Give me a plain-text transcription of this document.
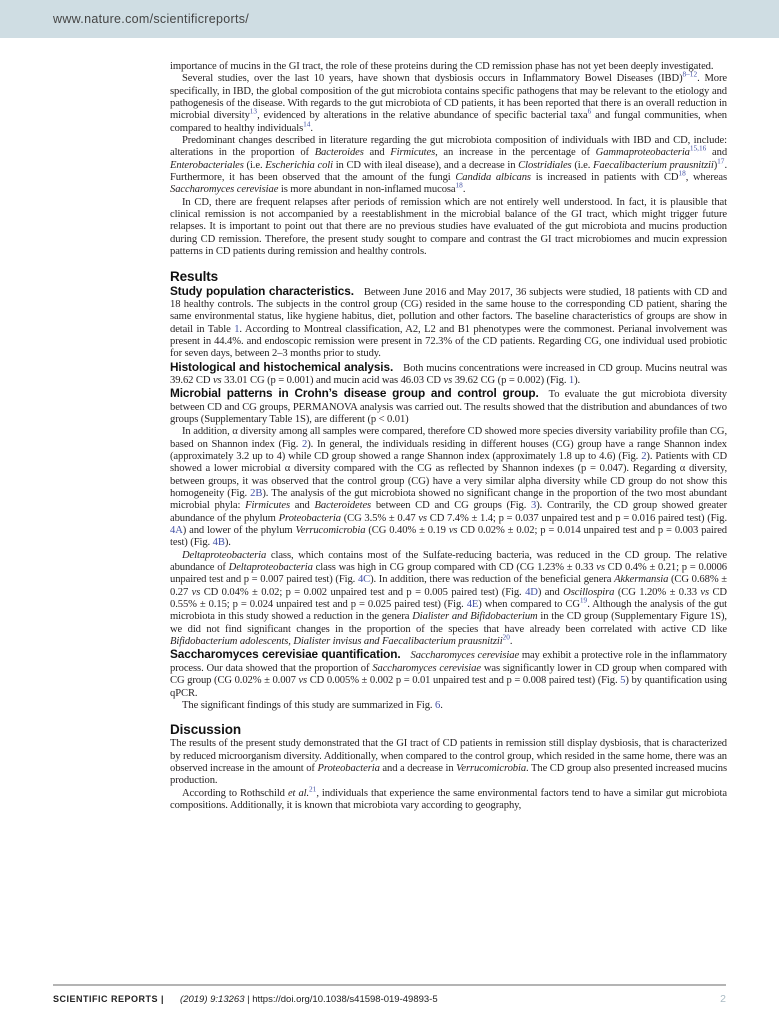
www.nature.com/scientificreports/

importance of mucins in the GI tract, the role of these proteins during the CD remission phase has not yet been deeply investigated.

Several studies, over the last 10 years, have shown that dysbiosis occurs in Inflammatory Bowel Diseases (IBD)$^{8-12}$. More specifically, in IBD, the global composition of the gut microbiota contains specific pathogens that may be relevant to the etiology and pathogenesis of the disease. With regards to the gut microbiota of CD patients, it has been reported that there is an overall reduction in microbial diversity$^{13}$, evidenced by alterations in the relative abundance of specific bacterial taxa$^6$ and fungal communities, when compared to healthy individuals$^{14}$.

Predominant changes described in literature regarding the gut microbiota composition of individuals with IBD and CD, include: alterations in the proportion of Bacteroides and Firmicutes, an increase in the percentage of Gammaproteobacteria$^{15,16}$ and Enterobacteriales (i.e. Escherichia coli in CD with ileal disease), and a decrease in Clostridiales (i.e. Faecalibacterium prausnitzii)$^{17}$. Furthermore, it has been observed that the amount of the fungi Candida albicans is increased in patients with CD$^{18}$, whereas Saccharomyces cerevisiae is more abundant in non-inflamed mucosa$^{18}$.

In CD, there are frequent relapses after periods of remission which are not entirely well understood. In fact, it is plausible that clinical remission is not accompanied by a reestablishment in the microbial balance of the GI tract, which might trigger future relapses. It is important to point out that there are no previous studies have evaluated of the gut microbiota and mucins production during CD remission. Therefore, the present study sought to compare and contrast the GI tract microbiomes and mucin expression patterns in CD patients during remission and healthy controls.

Results

Study population characteristics. Between June 2016 and May 2017, 36 subjects were studied, 18 patients with CD and 18 healthy controls. The subjects in the control group (CG) resided in the same house to the corresponding CD patient, sharing the same environmental status, like hygiene habitus, diet, pollution and other factors. The baseline characteristics of groups are show in detail in Table 1. According to Montreal classification, A2, L2 and B1 phenotypes were the commonest. Perianal involvement was present in 44.4%. and endoscopic remission were present in 72.3% of the CD patients. Regarding CG, one individual used probiotic for seven days, between 2–3 months prior to study.

Histological and histochemical analysis. Both mucins concentrations were increased in CD group. Mucins neutral was 39.62 CD vs 33.01 CG (p = 0.001) and mucin acid was 46.03 CD vs 39.62 CG (p = 0.002) (Fig. 1).

Microbial patterns in Crohn’s disease group and control group. To evaluate the gut microbiota diversity between CD and CG groups, PERMANOVA analysis was carried out. The results showed that the distribution and abundances of two groups (Supplementary Table 1S), are different (p < 0.01)

In addition, α diversity among all samples were compared, therefore CD showed more species diversity variability profile than CG, based on Shannon index (Fig. 2). In general, the individuals residing in different houses (CG) group have a range Shannon index (approximately 3.2 up to 4) while CD group showed a range Shannon index (approximately 1.8 up to 4.6) (Fig. 2). Patients with CD showed a lower microbial α diversity compared with the CG as reflected by Shannon indexes (p = 0.047). Regarding α diversity, between groups, it was observed that the control group (CG) have a very similar alpha diversity while CD group do not show this homogeneity (Fig. 2B). The analysis of the gut microbiota showed no significant change in the proportion of the two most abundant microbial phyla: Firmicutes and Bacteroidetes between CD and CG groups (Fig. 3). Contrarily, the CD group showed greater abundance of the phylum Proteobacteria (CG 3.5% ± 0.47 vs CD 7.4% ± 1.4; p = 0.037 unpaired test and p = 0.016 paired test) (Fig. 4A) and lower of the phylum Verrucomicrobia (CG 0.40% ± 0.19 vs CD 0.02% ± 0.02; p = 0.014 unpaired test and p = 0.003 paired test) (Fig. 4B).

Deltaproteobacteria class, which contains most of the Sulfate-reducing bacteria, was reduced in the CD group. The relative abundance of Deltaproteobacteria class was high in CG group compared with CD (CG 1.23% ± 0.33 vs CD 0.4% ± 0.21; p = 0.0006 unpaired test and p = 0.007 paired test) (Fig. 4C). In addition, there was reduction of the beneficial genera Akkermansia (CG 0.68% ± 0.27 vs CD 0.04% ± 0.02; p = 0.002 unpaired test and p = 0.005 paired test) (Fig. 4D) and Oscillospira (CG 1.20% ± 0.33 vs CD 0.55% ± 0.15; p = 0.024 unpaired test and p = 0.025 paired test) (Fig. 4E) when compared to CG$^{19}$. Although the analysis of the gut microbiota in this study showed a reduction in the genera Dialister and Bifidobacterium in the CD group (Supplementary Figure 1S), we did not find significant changes in the proportion of the species that have already been correlated with active CD like Bifidobacterium adolescents, Dialister invisus and Faecalibacterium prausnitzii$^{20}$.

Saccharomyces cerevisiae quantification. Saccharomyces cerevisiae may exhibit a protective role in the inflammatory process. Our data showed that the proportion of Saccharomyces cerevisiae was significantly lower in CD group when compared with CG group (CG 0.02% ± 0.007 vs CD 0.005% ± 0.002 p = 0.01 unpaired test and p = 0.008 paired test) (Fig. 5) by quantification using qPCR.

The significant findings of this study are summarized in Fig. 6.

Discussion

The results of the present study demonstrated that the GI tract of CD patients in remission still display dysbiosis, that is characterized by reduced microorganism diversity. Additionally, when compared to the control group, which resided in the same home, there was an observed increase in the amount of Proteobacteria and a decrease in Verrucomicrobia. The CD group also presented increased mucins production.

According to Rothschild et al.$^{21}$, individuals that experience the same environmental factors tend to have a similar gut microbiota compositions. Additionally, it is known that microbiota vary according to geography,

SCIENTIFIC REPORTS | (2019) 9:13263 | https://doi.org/10.1038/s41598-019-49893-5	2
